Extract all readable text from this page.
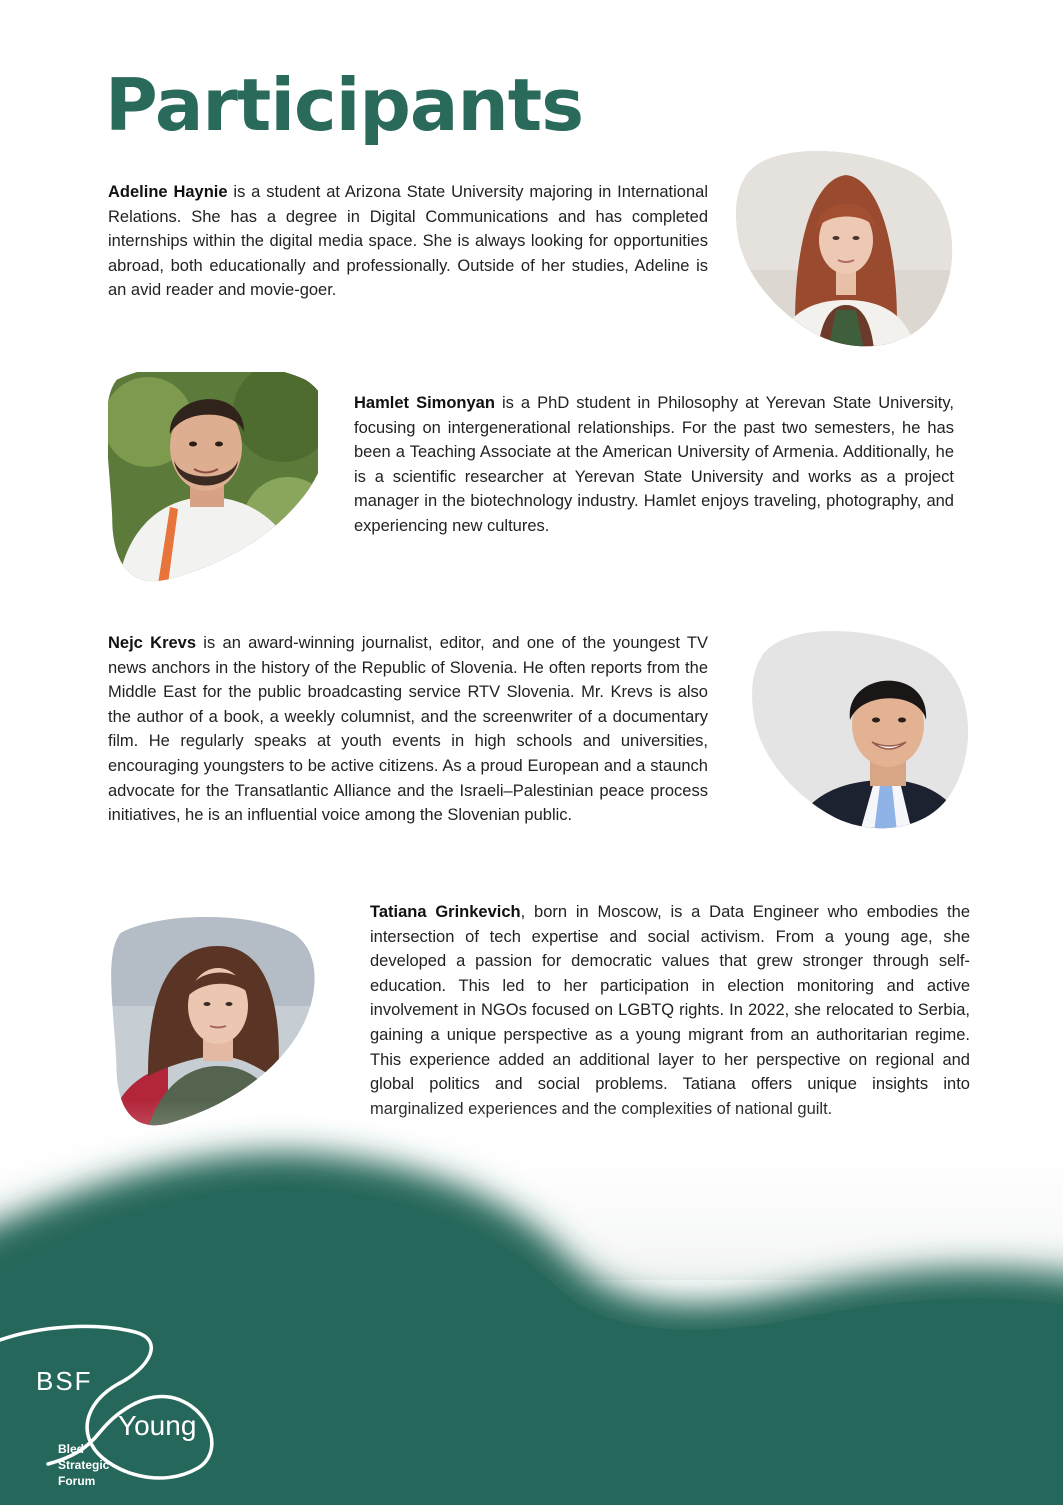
Participants

Adeline Haynie is a student at Arizona State University majoring in International Relations. She has a degree in Digital Communications and has completed internships within the digital media space. She is always looking for opportunities abroad, both educationally and professionally. Outside of her studies, Adeline is an avid reader and movie-goer.

Hamlet Simonyan is a PhD student in Philosophy at Yerevan State University, focusing on intergenerational relationships. For the past two semesters, he has been a Teaching Associate at the American University of Armenia. Additionally, he is a scientific researcher at Yerevan State University and works as a project manager in the biotechnology industry. Hamlet enjoys traveling, photography, and experiencing new cultures.

Nejc Krevs is an award-winning journalist, editor, and one of the youngest TV news anchors in the history of the Republic of Slovenia. He often reports from the Middle East for the public broadcasting service RTV Slovenia. Mr. Krevs is also the author of a book, a weekly columnist, and the screenwriter of a documentary film. He regularly speaks at youth events in high schools and universities, encouraging youngsters to be active citizens. As a proud European and a staunch advocate for the Transatlantic Alliance and the Israeli–Palestinian peace process initiatives, he is an influential voice among the Slovenian public.

Tatiana Grinkevich, born in Moscow, is a Data Engineer who embodies the intersection of tech expertise and social activism. From a young age, she developed a passion for democratic values that grew stronger through self-education. This led to her participation in election monitoring and active involvement in NGOs focused on LGBTQ rights. In 2022, she relocated to Serbia, gaining a unique perspective as a young migrant from an authoritarian regime. This experience added an additional layer to her perspective on regional and global politics and social problems. Tatiana offers unique insights into

BSF
Young
Bled
Strategic
Forum
